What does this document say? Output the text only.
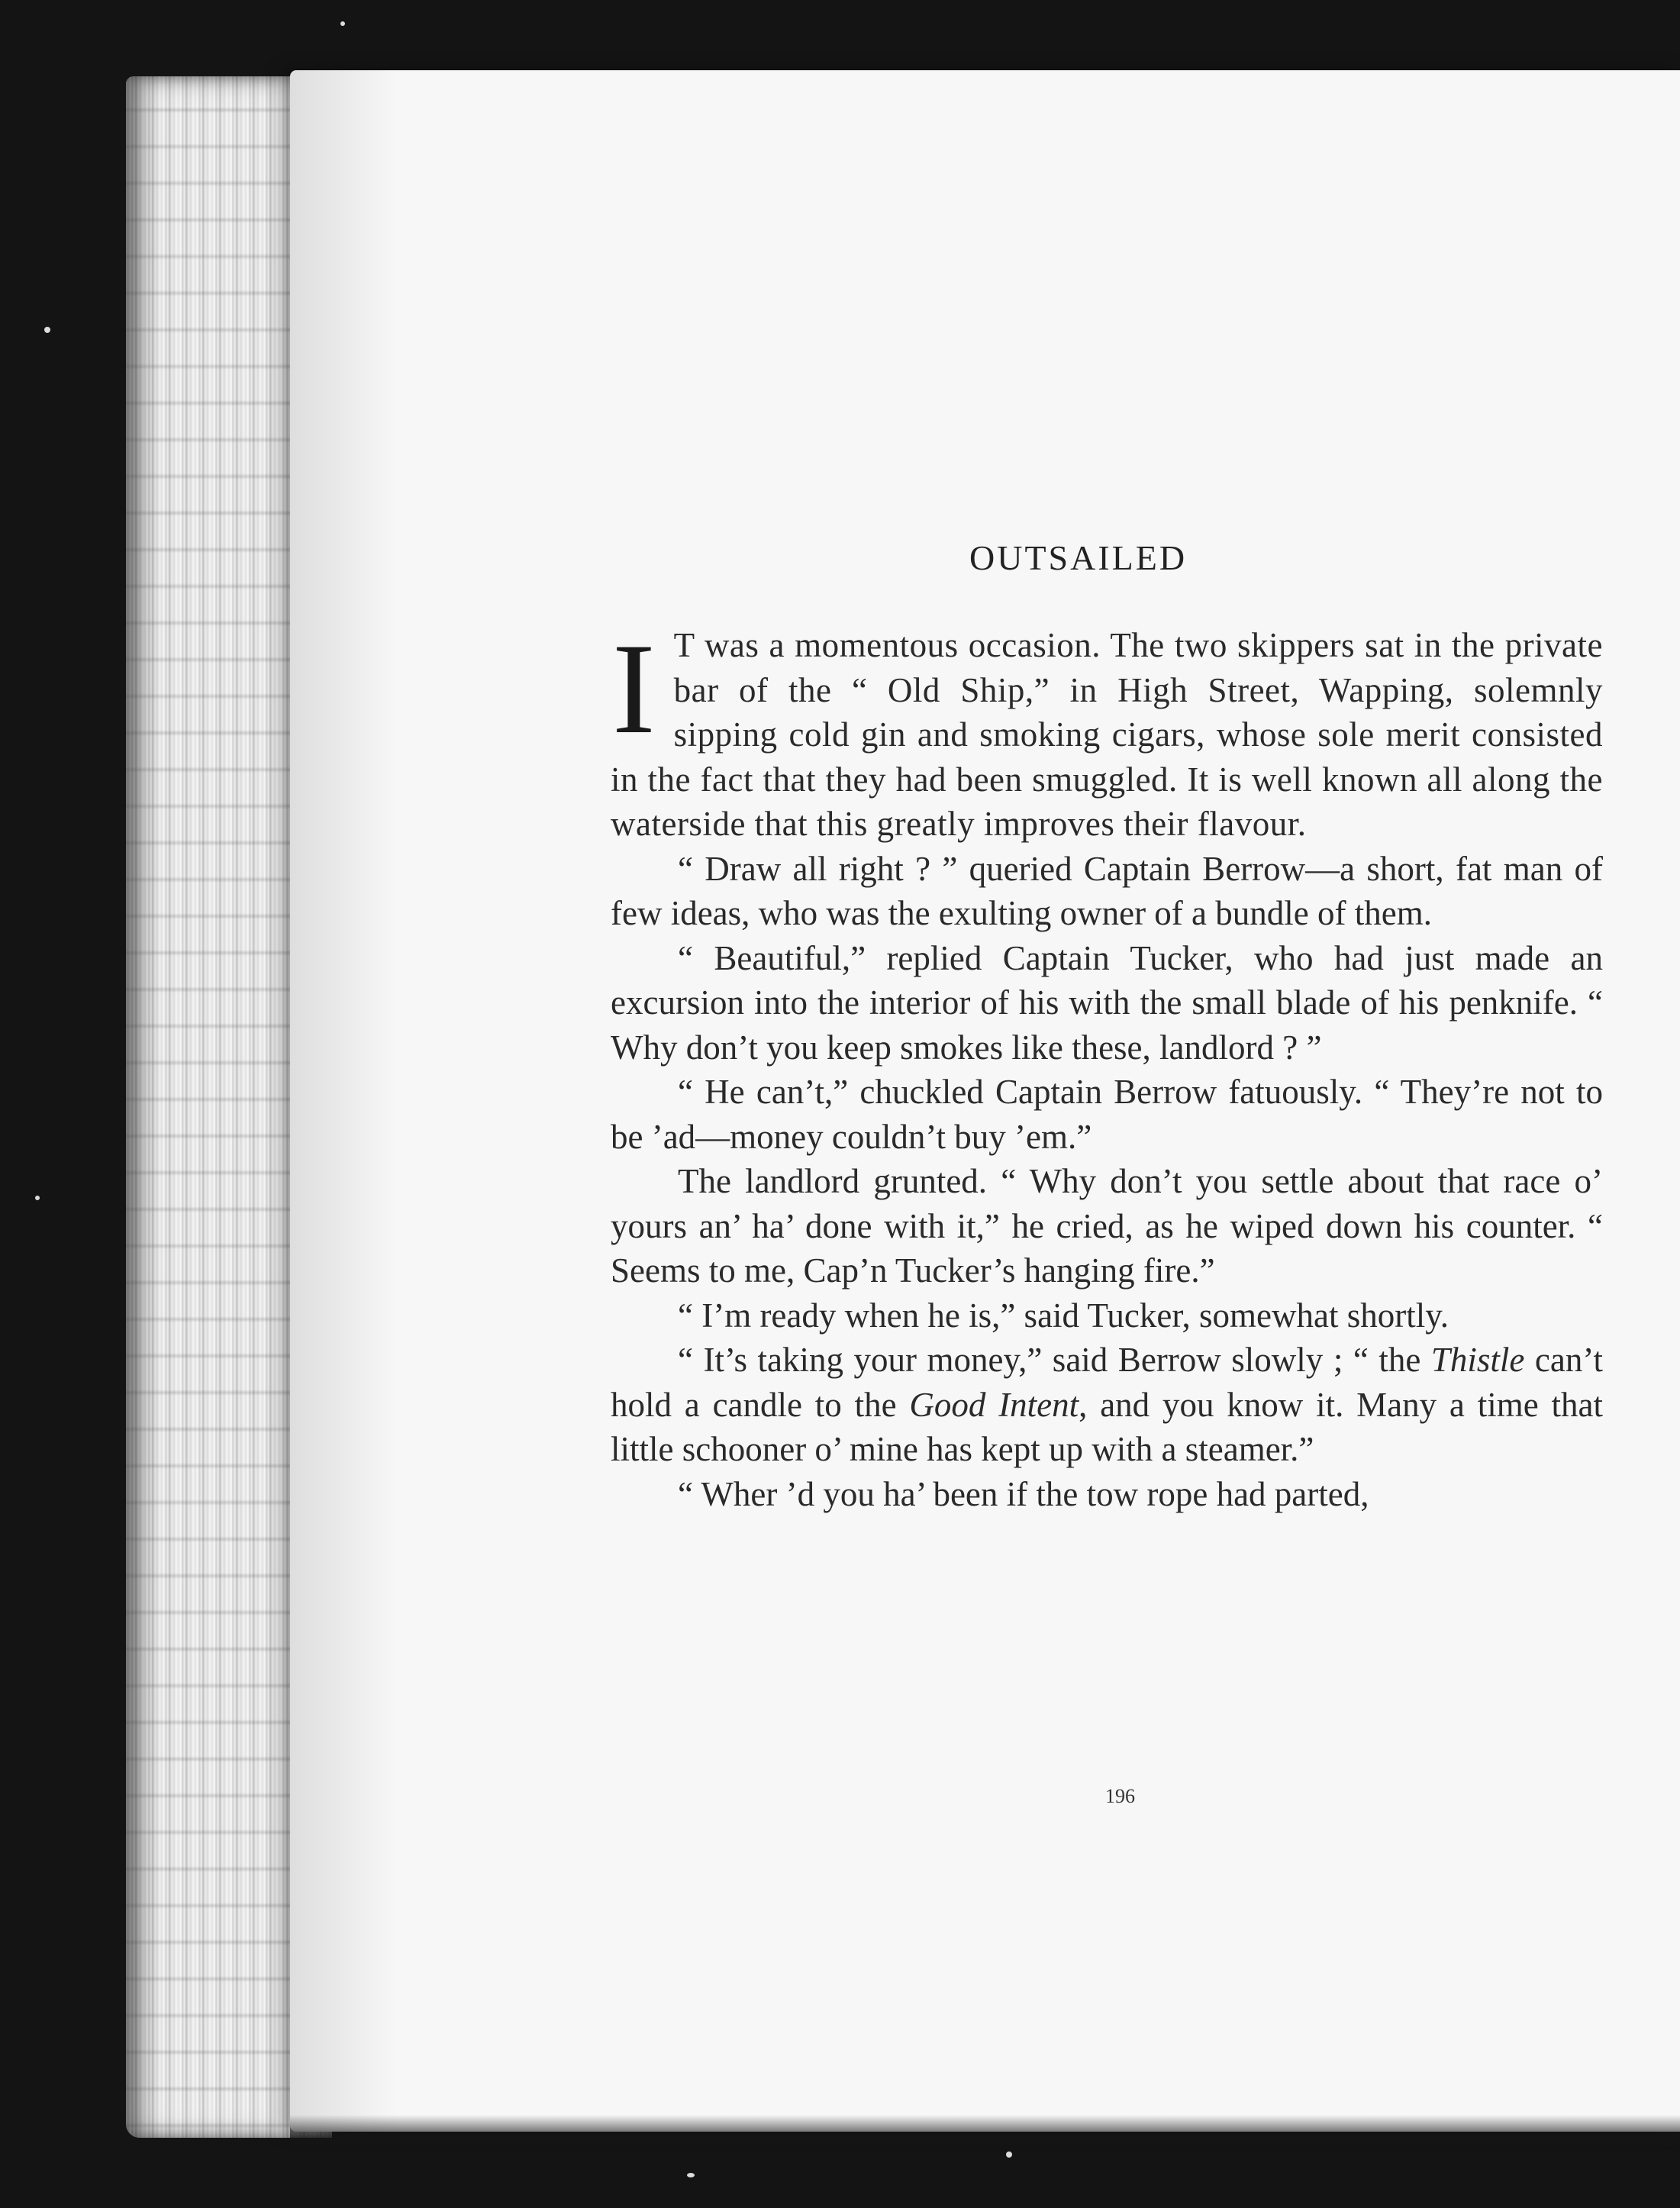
OUTSAILED

I T was a momentous occasion. The two skippers sat in the private bar of the “ Old Ship,” in High Street, Wapping, solemnly sipping cold gin and smoking cigars, whose sole merit consisted in the fact that they had been smuggled. It is well known all along the waterside that this greatly improves their flavour.

“ Draw all right ? ” queried Captain Berrow—a short, fat man of few ideas, who was the exulting owner of a bundle of them.

“ Beautiful,” replied Captain Tucker, who had just made an excursion into the interior of his with the small blade of his penknife. “ Why don’t you keep smokes like these, landlord ? ”

“ He can’t,” chuckled Captain Berrow fatuously. “ They’re not to be ’ad—money couldn’t buy ’em.”

The landlord grunted. “ Why don’t you settle about that race o’ yours an’ ha’ done with it,” he cried, as he wiped down his counter. “ Seems to me, Cap’n Tucker’s hanging fire.”

“ I’m ready when he is,” said Tucker, somewhat shortly.

“ It’s taking your money,” said Berrow slowly ; “ the Thistle can’t hold a candle to the Good Intent, and you know it. Many a time that little schooner o’ mine has kept up with a steamer.”

“ Wher ’d you ha’ been if the tow rope had parted,

196
